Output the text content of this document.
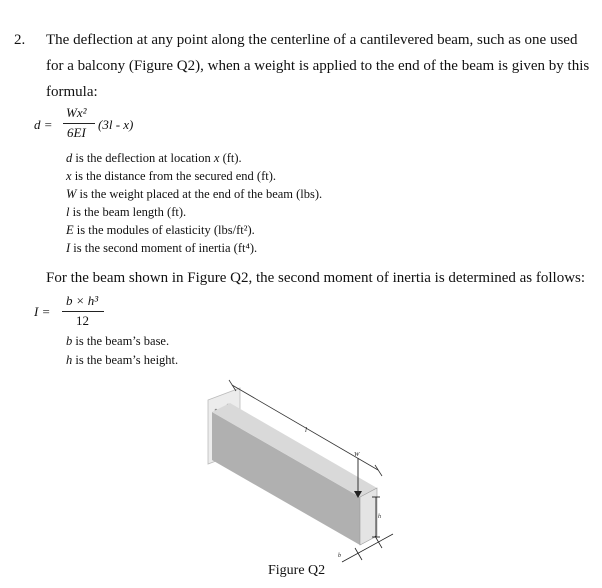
2. The deflection at any point along the centerline of a cantilevered beam, such as one used
for a balcony (Figure Q2), when a weight is applied to the end of the beam is given by this
formula:
d =
Wx²
6EI
(3l - x)
d is the deflection at location x (ft).
x is the distance from the secured end (ft).
W is the weight placed at the end of the beam (lbs).
l is the beam length (ft).
E is the modules of elasticity (lbs/ft²).
I is the second moment of inertia (ft⁴).
For the beam shown in Figure Q2, the second moment of inertia is determined as follows:
I =
b × h³
12
b is the beam’s base.
h is the beam’s height.
l
W
h
b
Figure Q2
